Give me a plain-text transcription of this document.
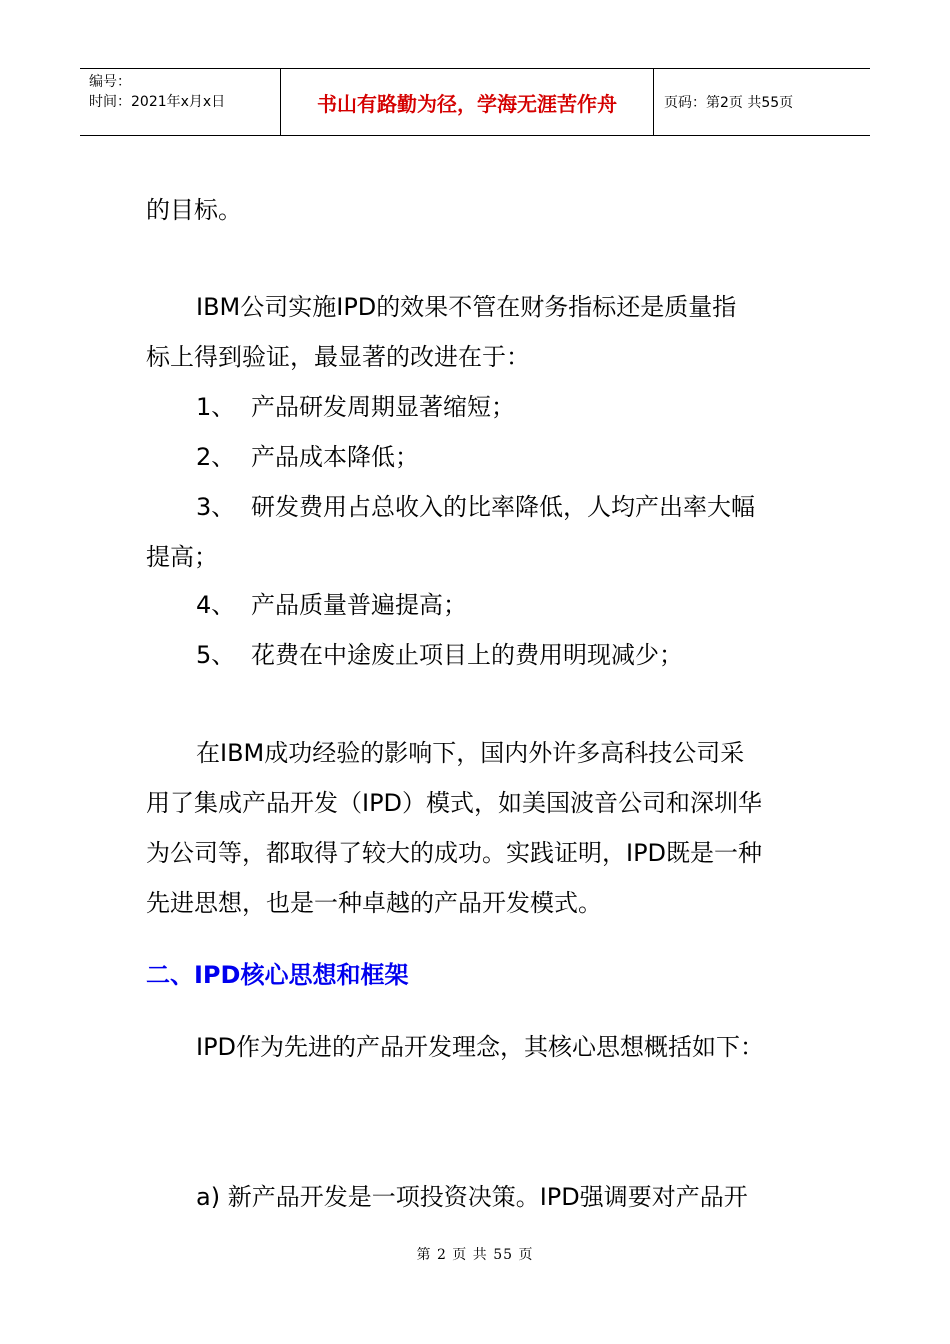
编号：
时间：2021年x月x日	书山有路勤为径，学海无涯苦作舟	页码：第2页 共55页
的目标。
IBM公司实施IPD的效果不管在财务指标还是质量指
标上得到验证，最显著的改进在于：
1、 产品研发周期显著缩短；
2、 产品成本降低；
3、 研发费用占总收入的比率降低，人均产出率大幅
提高；
4、 产品质量普遍提高；
5、 花费在中途废止项目上的费用明现减少；
在IBM成功经验的影响下，国内外许多高科技公司采
用了集成产品开发（IPD）模式，如美国波音公司和深圳华
为公司等，都取得了较大的成功。实践证明，IPD既是一种
先进思想，也是一种卓越的产品开发模式。
二、IPD核心思想和框架
IPD作为先进的产品开发理念，其核心思想概括如下：
a) 新产品开发是一项投资决策。IPD强调要对产品开
第 2 页 共 55 页
